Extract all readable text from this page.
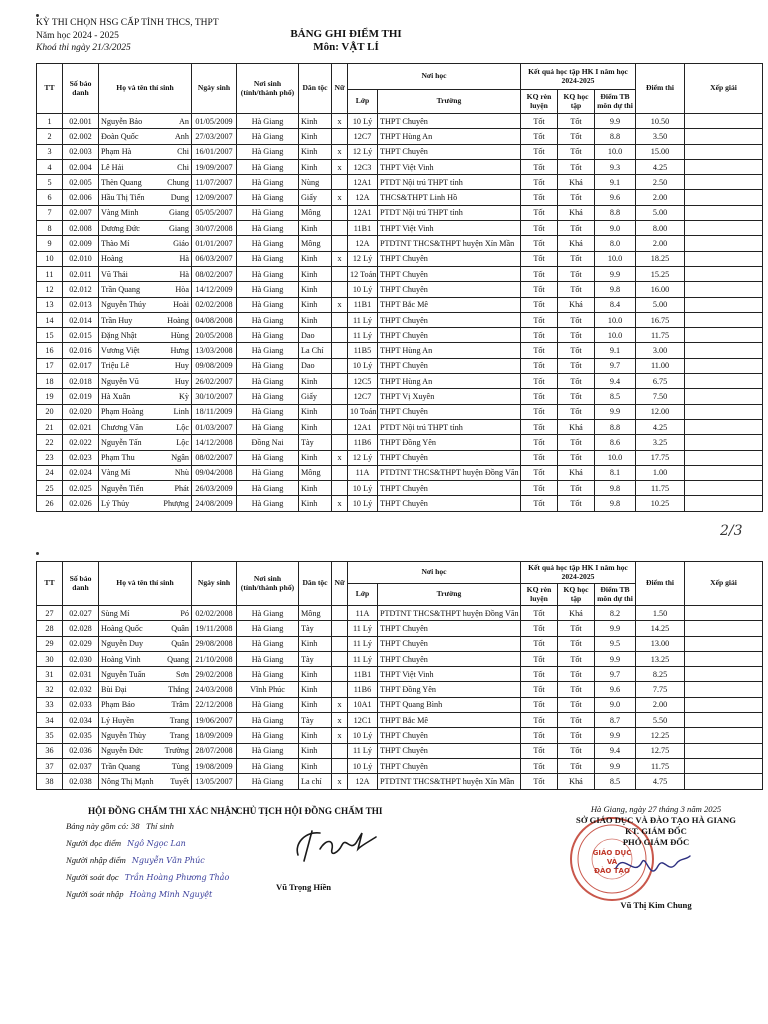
KỲ THI CHỌN HSG CẤP TỈNH THCS, THPT
Năm học 2024 - 2025
Khoá thi ngày 21/3/2025
BẢNG GHI ĐIỂM THI
Môn: VẬT LÍ
TT	Số báo danh	Họ và tên thí sinh	Ngày sinh	Nơi sinh (tỉnh/thành phố)	Dân tộc	Nữ	Nơi học		Kết quả học tập HK I năm học 2024-2025			Điểm thi	Xếp giải
							Lớp	Trường	KQ rèn luyện	KQ học tập	Điểm TB môn dự thi		
1	02.001	Nguyễn Bảo An	01/05/2009	Hà Giang	Kinh	x	10 Lý	THPT Chuyên	Tốt	Tốt	9.9	10.50	
2	02.002	Đoàn Quốc Anh	27/03/2007	Hà Giang	Kinh		12C7	THPT Hùng An	Tốt	Tốt	8.8	3.50	
3	02.003	Phạm Hà Chi	16/01/2007	Hà Giang	Kinh	x	12 Lý	THPT Chuyên	Tốt	Tốt	10.0	15.00	
4	02.004	Lê Hải Chi	19/09/2007	Hà Giang	Kinh	x	12C3	THPT Việt Vinh	Tốt	Tốt	9.3	4.25	
5	02.005	Thèn Quang Chung	11/07/2007	Hà Giang	Nùng		12A1	PTDT Nội trú THPT tỉnh	Tốt	Khá	9.1	2.50	
6	02.006	Hầu Thị Tiến Dung	12/09/2007	Hà Giang	Giấy	x	12A	THCS&THPT Linh Hồ	Tốt	Tốt	9.6	2.00	
7	02.007	Vàng Minh Giang	05/05/2007	Hà Giang	Mông		12A1	PTDT Nội trú THPT tỉnh	Tốt	Khá	8.8	5.00	
8	02.008	Dương Đức Giang	30/07/2008	Hà Giang	Kinh		11B1	THPT Việt Vinh	Tốt	Tốt	9.0	8.00	
9	02.009	Thào Mí Giáo	01/01/2007	Hà Giang	Mông		12A	PTDTNT THCS&THPT huyện Xín Mần	Tốt	Khá	8.0	2.00	
10	02.010	Hoàng Hà	06/03/2007	Hà Giang	Kinh	x	12 Lý	THPT Chuyên	Tốt	Tốt	10.0	18.25	
11	02.011	Vũ Thái Hà	08/02/2007	Hà Giang	Kinh		12 Toán	THPT Chuyên	Tốt	Tốt	9.9	15.25	
12	02.012	Trần Quang Hòa	14/12/2009	Hà Giang	Kinh		10 Lý	THPT Chuyên	Tốt	Tốt	9.8	16.00	
13	02.013	Nguyễn Thúy Hoài	02/02/2008	Hà Giang	Kinh	x	11B1	THPT Bắc Mê	Tốt	Khá	8.4	5.00	
14	02.014	Trần Huy Hoàng	04/08/2008	Hà Giang	Kinh		11 Lý	THPT Chuyên	Tốt	Tốt	10.0	16.75	
15	02.015	Đặng Nhật Hùng	20/05/2008	Hà Giang	Dao		11 Lý	THPT Chuyên	Tốt	Tốt	10.0	11.75	
16	02.016	Vương Việt Hưng	13/03/2008	Hà Giang	La Chí		11B5	THPT Hùng An	Tốt	Tốt	9.1	3.00	
17	02.017	Triệu Lê Huy	09/08/2009	Hà Giang	Dao		10 Lý	THPT Chuyên	Tốt	Tốt	9.7	11.00	
18	02.018	Nguyễn Vũ Huy	26/02/2007	Hà Giang	Kinh		12C5	THPT Hùng An	Tốt	Tốt	9.4	6.75	
19	02.019	Hà Xuân Kỳ	30/10/2007	Hà Giang	Giấy		12C7	THPT Vị Xuyên	Tốt	Tốt	8.5	7.50	
20	02.020	Phạm Hoàng Linh	18/11/2009	Hà Giang	Kinh		10 Toán	THPT Chuyên	Tốt	Tốt	9.9	12.00	
21	02.021	Chương Văn Lộc	01/03/2007	Hà Giang	Kinh		12A1	PTDT Nội trú THPT tỉnh	Tốt	Khá	8.8	4.25	
22	02.022	Nguyễn Tấn Lộc	14/12/2008	Đồng Nai	Tày		11B6	THPT Đồng Yên	Tốt	Tốt	8.6	3.25	
23	02.023	Phạm Thu Ngân	08/02/2007	Hà Giang	Kinh	x	12 Lý	THPT Chuyên	Tốt	Tốt	10.0	17.75	
24	02.024	Vàng Mí Nhù	09/04/2008	Hà Giang	Mông		11A	PTDTNT THCS&THPT huyện Đồng Văn	Tốt	Khá	8.1	1.00	
25	02.025	Nguyễn Tiến Phát	26/03/2009	Hà Giang	Kinh		10 Lý	THPT Chuyên	Tốt	Tốt	9.8	11.75	
26	02.026	Lý Thủy Phượng	24/08/2009	Hà Giang	Kinh	x	10 Lý	THPT Chuyên	Tốt	Tốt	9.8	10.25	
2/3
TT	Số báo danh	Họ và tên thí sinh	Ngày sinh	Nơi sinh (tỉnh/thành phố)	Dân tộc	Nữ	Nơi học		Kết quả học tập HK I năm học 2024-2025			Điểm thi	Xếp giải
							Lớp	Trường	KQ rèn luyện	KQ học tập	Điểm TB môn dự thi		
27	02.027	Sùng Mí Pó	02/02/2008	Hà Giang	Mông		11A	PTDTNT THCS&THPT huyện Đồng Văn	Tốt	Khá	8.2	1.50	
28	02.028	Hoàng Quốc Quân	19/11/2008	Hà Giang	Tày		11 Lý	THPT Chuyên	Tốt	Tốt	9.9	14.25	
29	02.029	Nguyễn Duy Quân	29/08/2008	Hà Giang	Kinh		11 Lý	THPT Chuyên	Tốt	Tốt	9.5	13.00	
30	02.030	Hoàng Vinh Quang	21/10/2008	Hà Giang	Tày		11 Lý	THPT Chuyên	Tốt	Tốt	9.9	13.25	
31	02.031	Nguyễn Tuấn Sơn	29/02/2008	Hà Giang	Kinh		11B1	THPT Việt Vinh	Tốt	Tốt	9.7	8.25	
32	02.032	Bùi Đại Thắng	24/03/2008	Vĩnh Phúc	Kinh		11B6	THPT Đồng Yên	Tốt	Tốt	9.6	7.75	
33	02.033	Phạm Bảo Trâm	22/12/2008	Hà Giang	Kinh	x	10A1	THPT Quang Bình	Tốt	Tốt	9.0	2.00	
34	02.034	Lý Huyền Trang	19/06/2007	Hà Giang	Tày	x	12C1	THPT Bắc Mê	Tốt	Tốt	8.7	5.50	
35	02.035	Nguyễn Thùy Trang	18/09/2009	Hà Giang	Kinh	x	10 Lý	THPT Chuyên	Tốt	Tốt	9.9	12.25	
36	02.036	Nguyễn Đức Trường	28/07/2008	Hà Giang	Kinh		11 Lý	THPT Chuyên	Tốt	Tốt	9.4	12.75	
37	02.037	Trần Quang Tùng	19/08/2009	Hà Giang	Kinh		10 Lý	THPT Chuyên	Tốt	Tốt	9.9	11.75	
38	02.038	Nông Thị Mạnh Tuyết	13/05/2007	Hà Giang	La chí	x	12A	PTDTNT THCS&THPT huyện Xín Mần	Tốt	Khá	8.5	4.75	
HỘI ĐỒNG CHẤM THI XÁC NHẬN
CHỦ TỊCH HỘI ĐỒNG CHẤM THI
Bảng này gồm có: 38 Thí sinh
Người đọc điểm Ngô Ngọc Lan
Người nhập điểm Nguyễn Văn Phúc
Người soát đọc Trần Hoàng Phương Thảo
Người soát nhập Hoàng Minh Nguyệt
Vũ Trọng Hiền
GIÁO DỤC
VÀ
ĐÀO TẠO
Hà Giang, ngày 27 tháng 3 năm 2025
SỞ GIÁO DỤC VÀ ĐÀO TẠO HÀ GIANG
KT. GIÁM ĐỐC
PHÓ GIÁM ĐỐC
Vũ Thị Kim Chung
